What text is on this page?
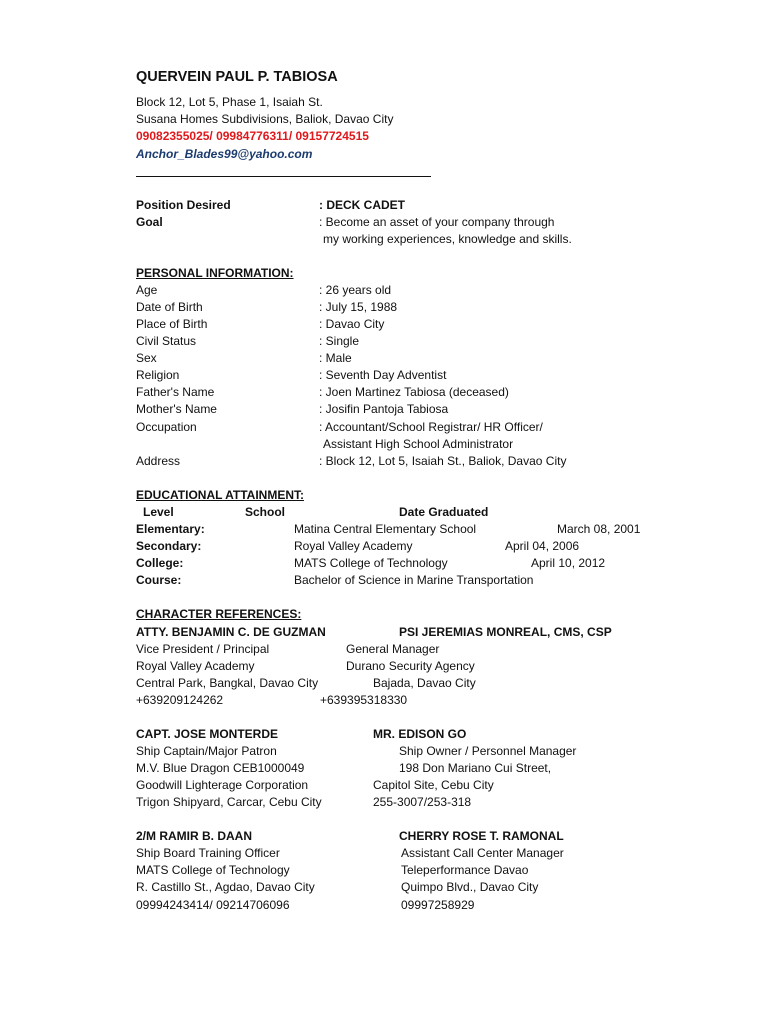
QUERVEIN PAUL P. TABIOSA
Block 12, Lot 5, Phase 1, Isaiah St.
Susana Homes Subdivisions, Baliok, Davao City
09082355025/ 09984776311/ 09157724515
Anchor_Blades99@yahoo.com
Position Desired	: DECK CADET
Goal	: Become an asset of your company through
my working experiences, knowledge and skills.
PERSONAL INFORMATION:
Age	: 26 years old
Date of Birth	: July 15, 1988
Place of Birth	: Davao City
Civil Status	: Single
Sex	: Male
Religion	: Seventh Day Adventist
Father's Name	: Joen Martinez Tabiosa (deceased)
Mother's Name	: Josifin Pantoja Tabiosa
Occupation	: Accountant/School Registrar/ HR Officer/
Assistant High School Administrator
Address	: Block 12, Lot 5, Isaiah St., Baliok, Davao City
EDUCATIONAL ATTAINMENT:
Level	School	Date Graduated
Elementary:	Matina Central Elementary School	March 08, 2001
Secondary:	Royal Valley Academy	April 04, 2006
College:	MATS College of Technology	April 10, 2012
Course:	Bachelor of Science in Marine Transportation
CHARACTER REFERENCES:
ATTY. BENJAMIN C. DE GUZMAN
Vice President / Principal
Royal Valley Academy
Central Park, Bangkal, Davao City
+639209124262
PSI JEREMIAS MONREAL, CMS, CSP
General Manager
Durano Security Agency
Bajada, Davao City
+639395318330
CAPT. JOSE MONTERDE
Ship Captain/Major Patron
M.V. Blue Dragon CEB1000049
Goodwill Lighterage Corporation
Trigon Shipyard, Carcar, Cebu City
MR. EDISON GO
Ship Owner / Personnel Manager
198 Don Mariano Cui Street,
Capitol Site, Cebu City
255-3007/253-318
2/M RAMIR B. DAAN
Ship Board Training Officer
MATS College of Technology
R. Castillo St., Agdao, Davao City
09994243414/ 09214706096
CHERRY ROSE T. RAMONAL
Assistant Call Center Manager
Teleperformance Davao
Quimpo Blvd., Davao City
09997258929
